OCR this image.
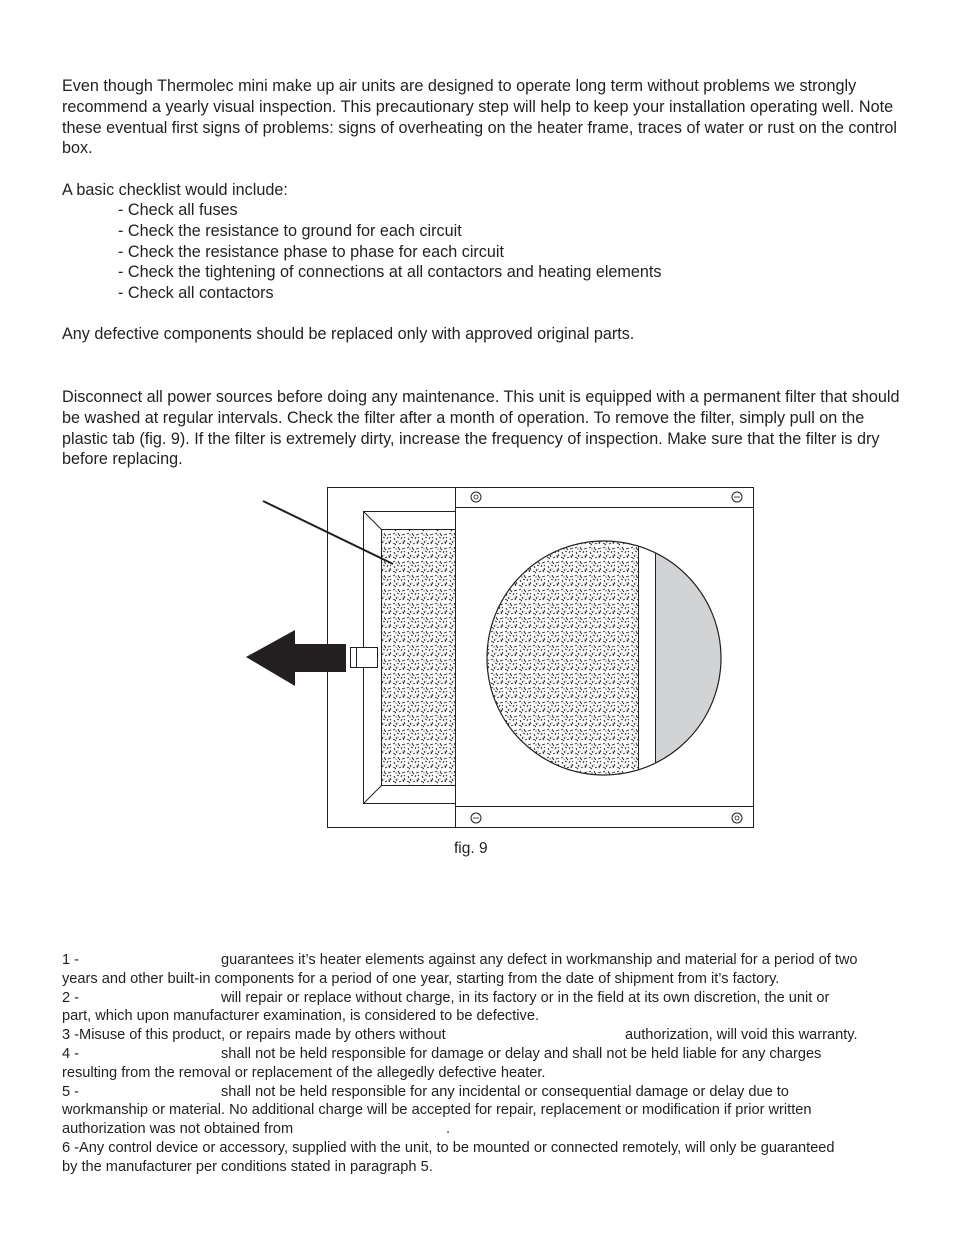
Even though Thermolec mini make up air units are designed to operate long term without problems we strongly recommend a yearly visual inspection. This precautionary step will help to keep your installation operating well. Note these eventual first signs of problems: signs of overheating on the heater frame, traces of water or rust on the control box.

A basic checklist would include:

- Check all fuses
- Check the resistance to ground for each circuit
- Check the resistance phase to phase for each circuit
- Check the tightening of connections at all contactors and heating elements
- Check all contactors

Any defective components should be replaced only with approved original parts.

Disconnect all power sources before doing any maintenance. This unit is equipped with a permanent filter that should be washed at regular intervals. Check the filter after a month of operation. To remove the filter, simply pull on the plastic tab (fig. 9). If the filter is extremely dirty, increase the frequency of inspection. Make sure that the filter is dry before replacing.

fig. 9
1 -	guarantees it’s heater elements against any defect in workmanship and material for a period of two
years and other built-in components for a period of one year, starting from the date of shipment from it’s factory.
2 -	will repair or replace without charge, in its factory or in the field at its own discretion, the unit or
part, which upon manufacturer examination, is considered to be defective.
3 -Misuse of this product, or repairs made by others without	authorization, will void this warranty.
4 -	shall not be held responsible for damage or delay and shall not be held liable for any charges
resulting from the removal or replacement of the allegedly defective heater.
5 -	shall not be held responsible for any incidental or consequential damage or delay due to
workmanship or material. No additional charge will be accepted for repair, replacement or modification if prior written
authorization was not obtained from	.
6 -Any control device or accessory, supplied with the unit, to be mounted or connected remotely, will only be guaranteed
by the manufacturer per conditions stated in paragraph 5.
